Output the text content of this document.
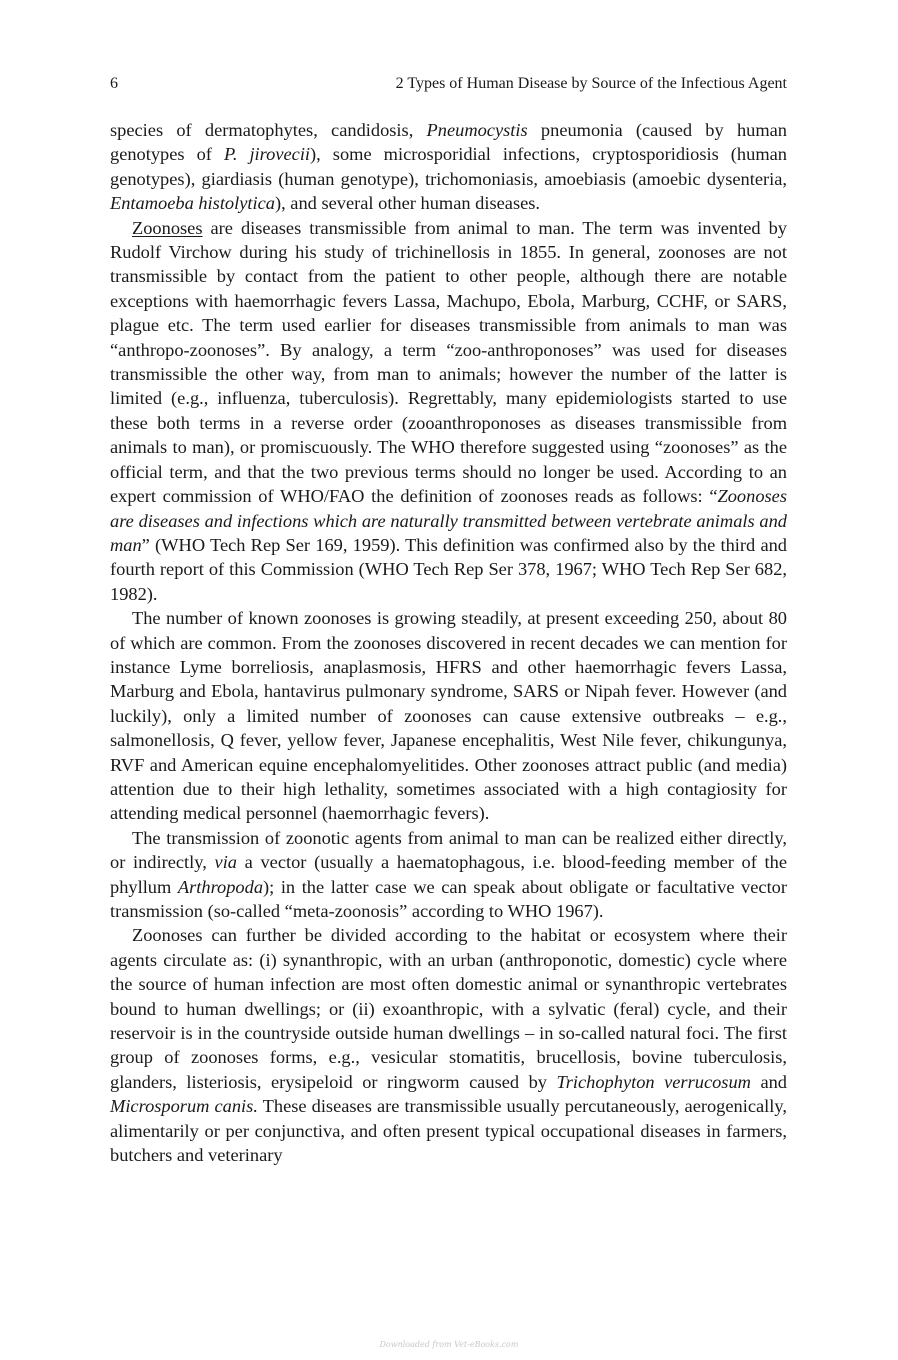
6	2 Types of Human Disease by Source of the Infectious Agent

species of dermatophytes, candidosis, Pneumocystis pneumonia (caused by human genotypes of P. jirovecii), some microsporidial infections, cryptosporidiosis (human genotypes), giardiasis (human genotype), trichomoniasis, amoebiasis (amoebic dysenteria, Entamoeba histolytica), and several other human diseases.

Zoonoses are diseases transmissible from animal to man. The term was invented by Rudolf Virchow during his study of trichinellosis in 1855. In general, zoonoses are not transmissible by contact from the patient to other people, although there are notable exceptions with haemorrhagic fevers Lassa, Machupo, Ebola, Marburg, CCHF, or SARS, plague etc. The term used earlier for diseases transmissible from animals to man was “anthropo-zoonoses”. By analogy, a term “zoo-anthroponoses” was used for diseases transmissible the other way, from man to animals; however the number of the latter is limited (e.g., influenza, tuberculosis). Regrettably, many epidemiologists started to use these both terms in a reverse order (zooanthroponoses as diseases transmissible from animals to man), or promiscuously. The WHO therefore suggested using “zoonoses” as the official term, and that the two previous terms should no longer be used. According to an expert commission of WHO/FAO the definition of zoonoses reads as follows: “Zoonoses are diseases and infections which are naturally transmitted between vertebrate animals and man” (WHO Tech Rep Ser 169, 1959). This definition was confirmed also by the third and fourth report of this Commission (WHO Tech Rep Ser 378, 1967; WHO Tech Rep Ser 682, 1982).

The number of known zoonoses is growing steadily, at present exceeding 250, about 80 of which are common. From the zoonoses discovered in recent decades we can mention for instance Lyme borreliosis, anaplasmosis, HFRS and other haemorrhagic fevers Lassa, Marburg and Ebola, hantavirus pulmonary syndrome, SARS or Nipah fever. However (and luckily), only a limited number of zoonoses can cause extensive outbreaks – e.g., salmonellosis, Q fever, yellow fever, Japanese encephalitis, West Nile fever, chikungunya, RVF and American equine encephalomyelitides. Other zoonoses attract public (and media) attention due to their high lethality, sometimes associated with a high contagiosity for attending medical personnel (haemorrhagic fevers).

The transmission of zoonotic agents from animal to man can be realized either directly, or indirectly, via a vector (usually a haematophagous, i.e. blood-feeding member of the phyllum Arthropoda); in the latter case we can speak about obligate or facultative vector transmission (so-called “meta-zoonosis” according to WHO 1967).

Zoonoses can further be divided according to the habitat or ecosystem where their agents circulate as: (i) synanthropic, with an urban (anthroponotic, domestic) cycle where the source of human infection are most often domestic animal or synanthropic vertebrates bound to human dwellings; or (ii) exoanthropic, with a sylvatic (feral) cycle, and their reservoir is in the countryside outside human dwellings – in so-called natural foci. The first group of zoonoses forms, e.g., vesicular stomatitis, brucellosis, bovine tuberculosis, glanders, listeriosis, erysipeloid or ringworm caused by Trichophyton verrucosum and Microsporum canis. These diseases are transmissible usually percutaneously, aerogenically, alimentarily or per conjunctiva, and often present typical occupational diseases in farmers, butchers and veterinary

Downloaded from Vet-eBooks.com
